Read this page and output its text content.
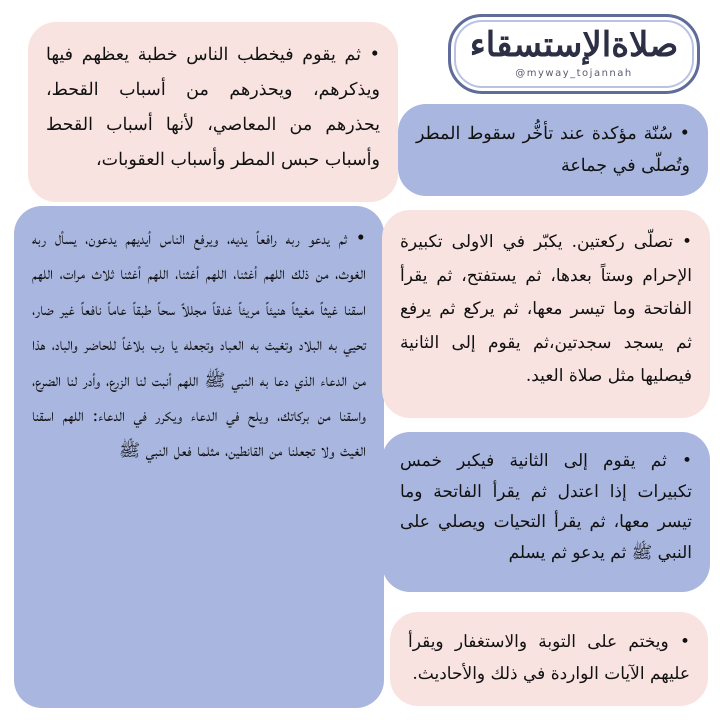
صلاةالإستسقاء
@myway_tojannah

• ثم يقوم فيخطب الناس خطبة يعظهم فيها ويذكرهم، ويحذرهم من أسباب القحط، يحذرهم من المعاصي، لأنها أسباب القحط وأسباب حبس المطر وأسباب العقوبات،

• سُنّة مؤكدة عند تأخُّر سقوط المطر وتُصلّى في جماعة

• ثم يدعو ربه رافعاً يديه، ويرفع الناس أيديهم يدعون، يسأل ربه الغوث، من ذلك اللهم أغثنا، اللهم أغثنا، اللهم أغثنا ثلاث مرات، اللهم اسقنا غيثاً مغيثاً هنيئاً مريئاً غدقاً مجللاً سحاً طبقاً عاماً نافعاً غير ضار، تحيي به البلاد وتغيث به العباد وتجعله يا رب بلاغاً للحاضر والباد، هذا من الدعاء الذي دعا به النبي ﷺ اللهم أنبت لنا الزرع، وأدر لنا الضرع، واسقنا من بركاتك، ويلح في الدعاء ويكرر في الدعاء: اللهم اسقنا الغيث ولا تجعلنا من القانطين، مثلما فعل النبي ﷺ

• تصلّى ركعتين. يكبّر في الاولى تكبيرة الإحرام وستاً بعدها، ثم يستفتح، ثم يقرأ الفاتحة وما تيسر معها، ثم يركع ثم يرفع ثم يسجد سجدتين،ثم يقوم إلى الثانية فيصليها مثل صلاة العيد.

• ثم يقوم إلى الثانية فيكبر خمس تكبيرات إذا اعتدل ثم يقرأ الفاتحة وما تيسر معها، ثم يقرأ التحيات ويصلي على النبي ﷺ ثم يدعو ثم يسلم

• ويختم على التوبة والاستغفار ويقرأ عليهم الآيات الواردة في ذلك والأحاديث.
